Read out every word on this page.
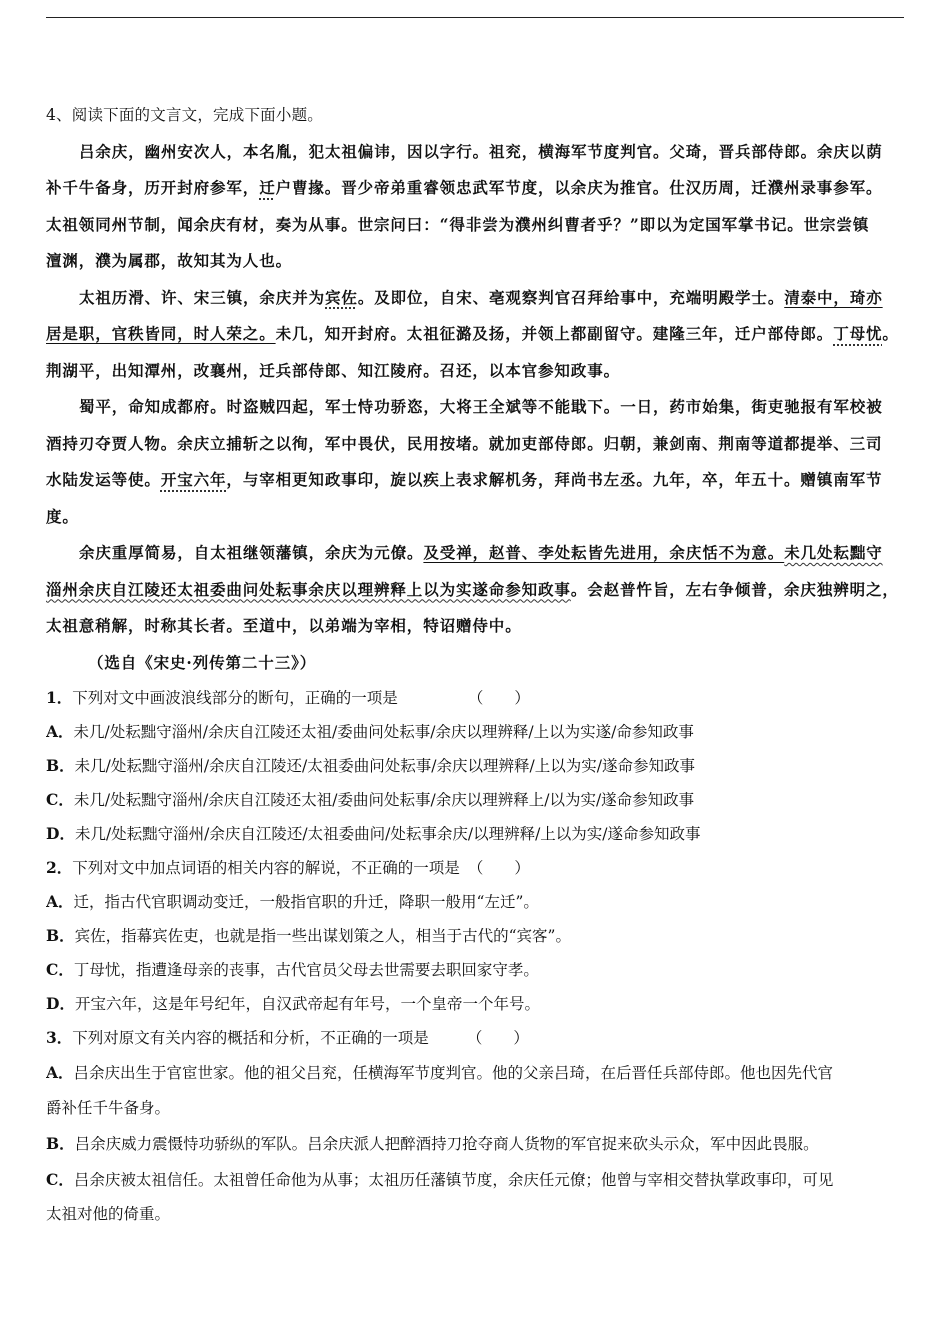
4、阅读下面的文言文，完成下面小题。
吕余庆，幽州安次人，本名胤，犯太祖偏讳，因以字行。祖兖，横海军节度判官。父琦，晋兵部侍郎。余庆以荫
补千牛备身，历开封府参军，迁户曹掾。晋少帝弟重睿领忠武军节度，以余庆为推官。仕汉历周，迁濮州录事参军。
太祖领同州节制，闻余庆有材，奏为从事。世宗问曰：“得非尝为濮州纠曹者乎？”即以为定国军掌书记。世宗尝镇
澶渊，濮为属郡，故知其为人也。
太祖历滑、许、宋三镇，余庆并为宾佐。及即位，自宋、亳观察判官召拜给事中，充端明殿学士。清泰中，琦亦
居是职，官秩皆同，时人荣之。未几，知开封府。太祖征潞及扬，并领上都副留守。建隆三年，迁户部侍郎。丁母忧。
荆湖平，出知潭州，改襄州，迁兵部侍郎、知江陵府。召还，以本官参知政事。
蜀平，命知成都府。时盗贼四起，军士恃功骄恣，大将王全斌等不能戢下。一日，药市始集，街吏驰报有军校被
酒持刃夺贾人物。余庆立捕斩之以徇，军中畏伏，民用按堵。就加吏部侍郎。归朝，兼剑南、荆南等道都提举、三司
水陆发运等使。开宝六年，与宰相更知政事印，旋以疾上表求解机务，拜尚书左丞。九年，卒，年五十。赠镇南军节
度。
余庆重厚简易，自太祖继领藩镇，余庆为元僚。及受禅，赵普、李处耘皆先进用，余庆恬不为意。未几处耘黜守
淄州余庆自江陵还太祖委曲问处耘事余庆以理辨释上以为实遂命参知政事。会赵普忤旨，左右争倾普，余庆独辨明之，
太祖意稍解，时称其长者。至道中，以弟端为宰相，特诏赠侍中。
（选自《宋史·列传第二十三》）
1．下列对文中画波浪线部分的断句，正确的一项是	（　　）
A．未几/处耘黜守淄州/余庆自江陵还太祖/委曲问处耘事/余庆以理辨释/上以为实遂/命参知政事
B．未几/处耘黜守淄州/余庆自江陵还/太祖委曲问处耘事/余庆以理辨释/上以为实/遂命参知政事
C．未几/处耘黜守淄州/余庆自江陵还太祖/委曲问处耘事/余庆以理辨释上/以为实/遂命参知政事
D．未几/处耘黜守淄州/余庆自江陵还/太祖委曲问/处耘事余庆/以理辨释/上以为实/遂命参知政事
2．下列对文中加点词语的相关内容的解说，不正确的一项是 （　　）
A．迁，指古代官职调动变迁，一般指官职的升迁，降职一般用“左迁”。
B．宾佐，指幕宾佐吏，也就是指一些出谋划策之人，相当于古代的“宾客”。
C．丁母忧，指遭逢母亲的丧事，古代官员父母去世需要去职回家守孝。
D．开宝六年，这是年号纪年，自汉武帝起有年号，一个皇帝一个年号。
3．下列对原文有关内容的概括和分析，不正确的一项是 （　　）
A．吕余庆出生于官宦世家。他的祖父吕兖，任横海军节度判官。他的父亲吕琦，在后晋任兵部侍郎。他也因先代官
爵补任千牛备身。
B．吕余庆威力震慑恃功骄纵的军队。吕余庆派人把醉酒持刀抢夺商人货物的军官捉来砍头示众，军中因此畏服。
C．吕余庆被太祖信任。太祖曾任命他为从事；太祖历任藩镇节度，余庆任元僚；他曾与宰相交替执掌政事印，可见
太祖对他的倚重。
